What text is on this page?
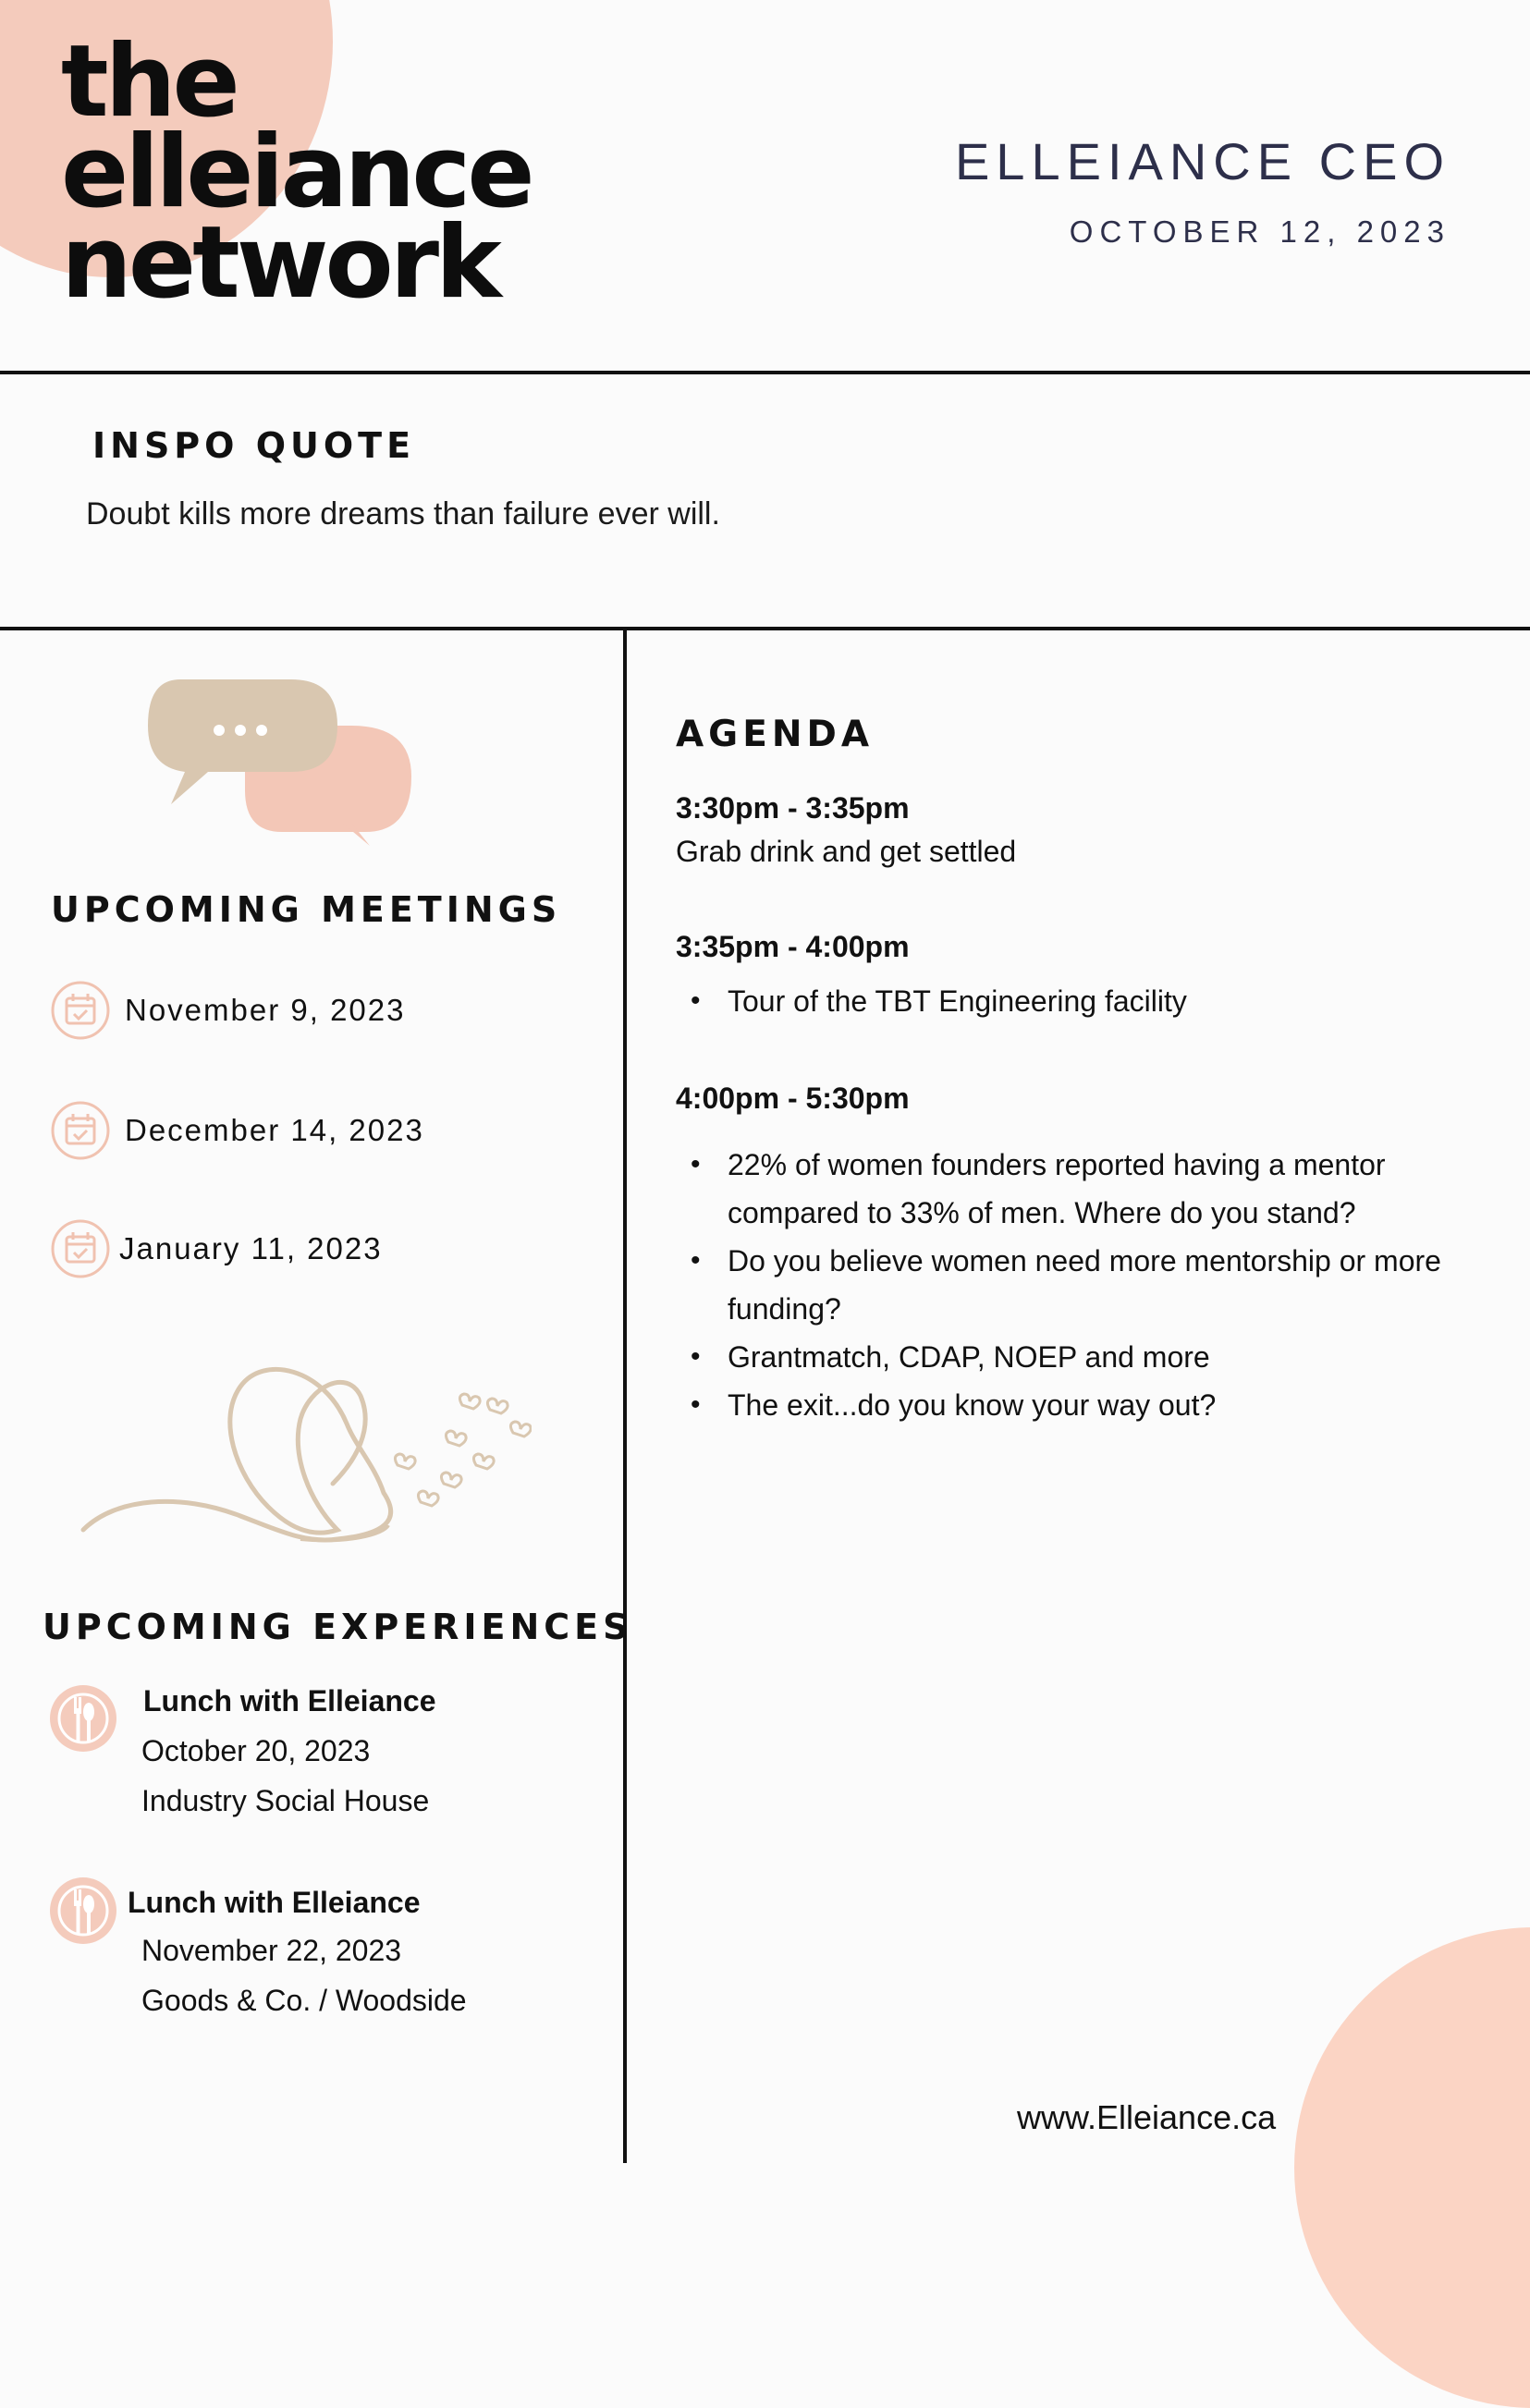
the
elleiance
network
ELLEIANCE CEO
OCTOBER 12, 2023
INSPO QUOTE
Doubt kills more dreams than failure ever will.
UPCOMING MEETINGS
November 9, 2023
December 14, 2023
January 11, 2023
UPCOMING EXPERIENCES
Lunch with Elleiance
October 20, 2023
Industry Social House
Lunch with Elleiance
November 22, 2023
Goods & Co. / Woodside
AGENDA
3:30pm - 3:35pm
Grab drink and get settled
3:35pm - 4:00pm
• Tour of the TBT Engineering facility
4:00pm - 5:30pm
• 22% of women founders reported having a mentor compared to 33% of men. Where do you stand?
• Do you believe women need more mentorship or more funding?
• Grantmatch, CDAP, NOEP and more
• The exit...do you know your way out?
www.Elleiance.ca
